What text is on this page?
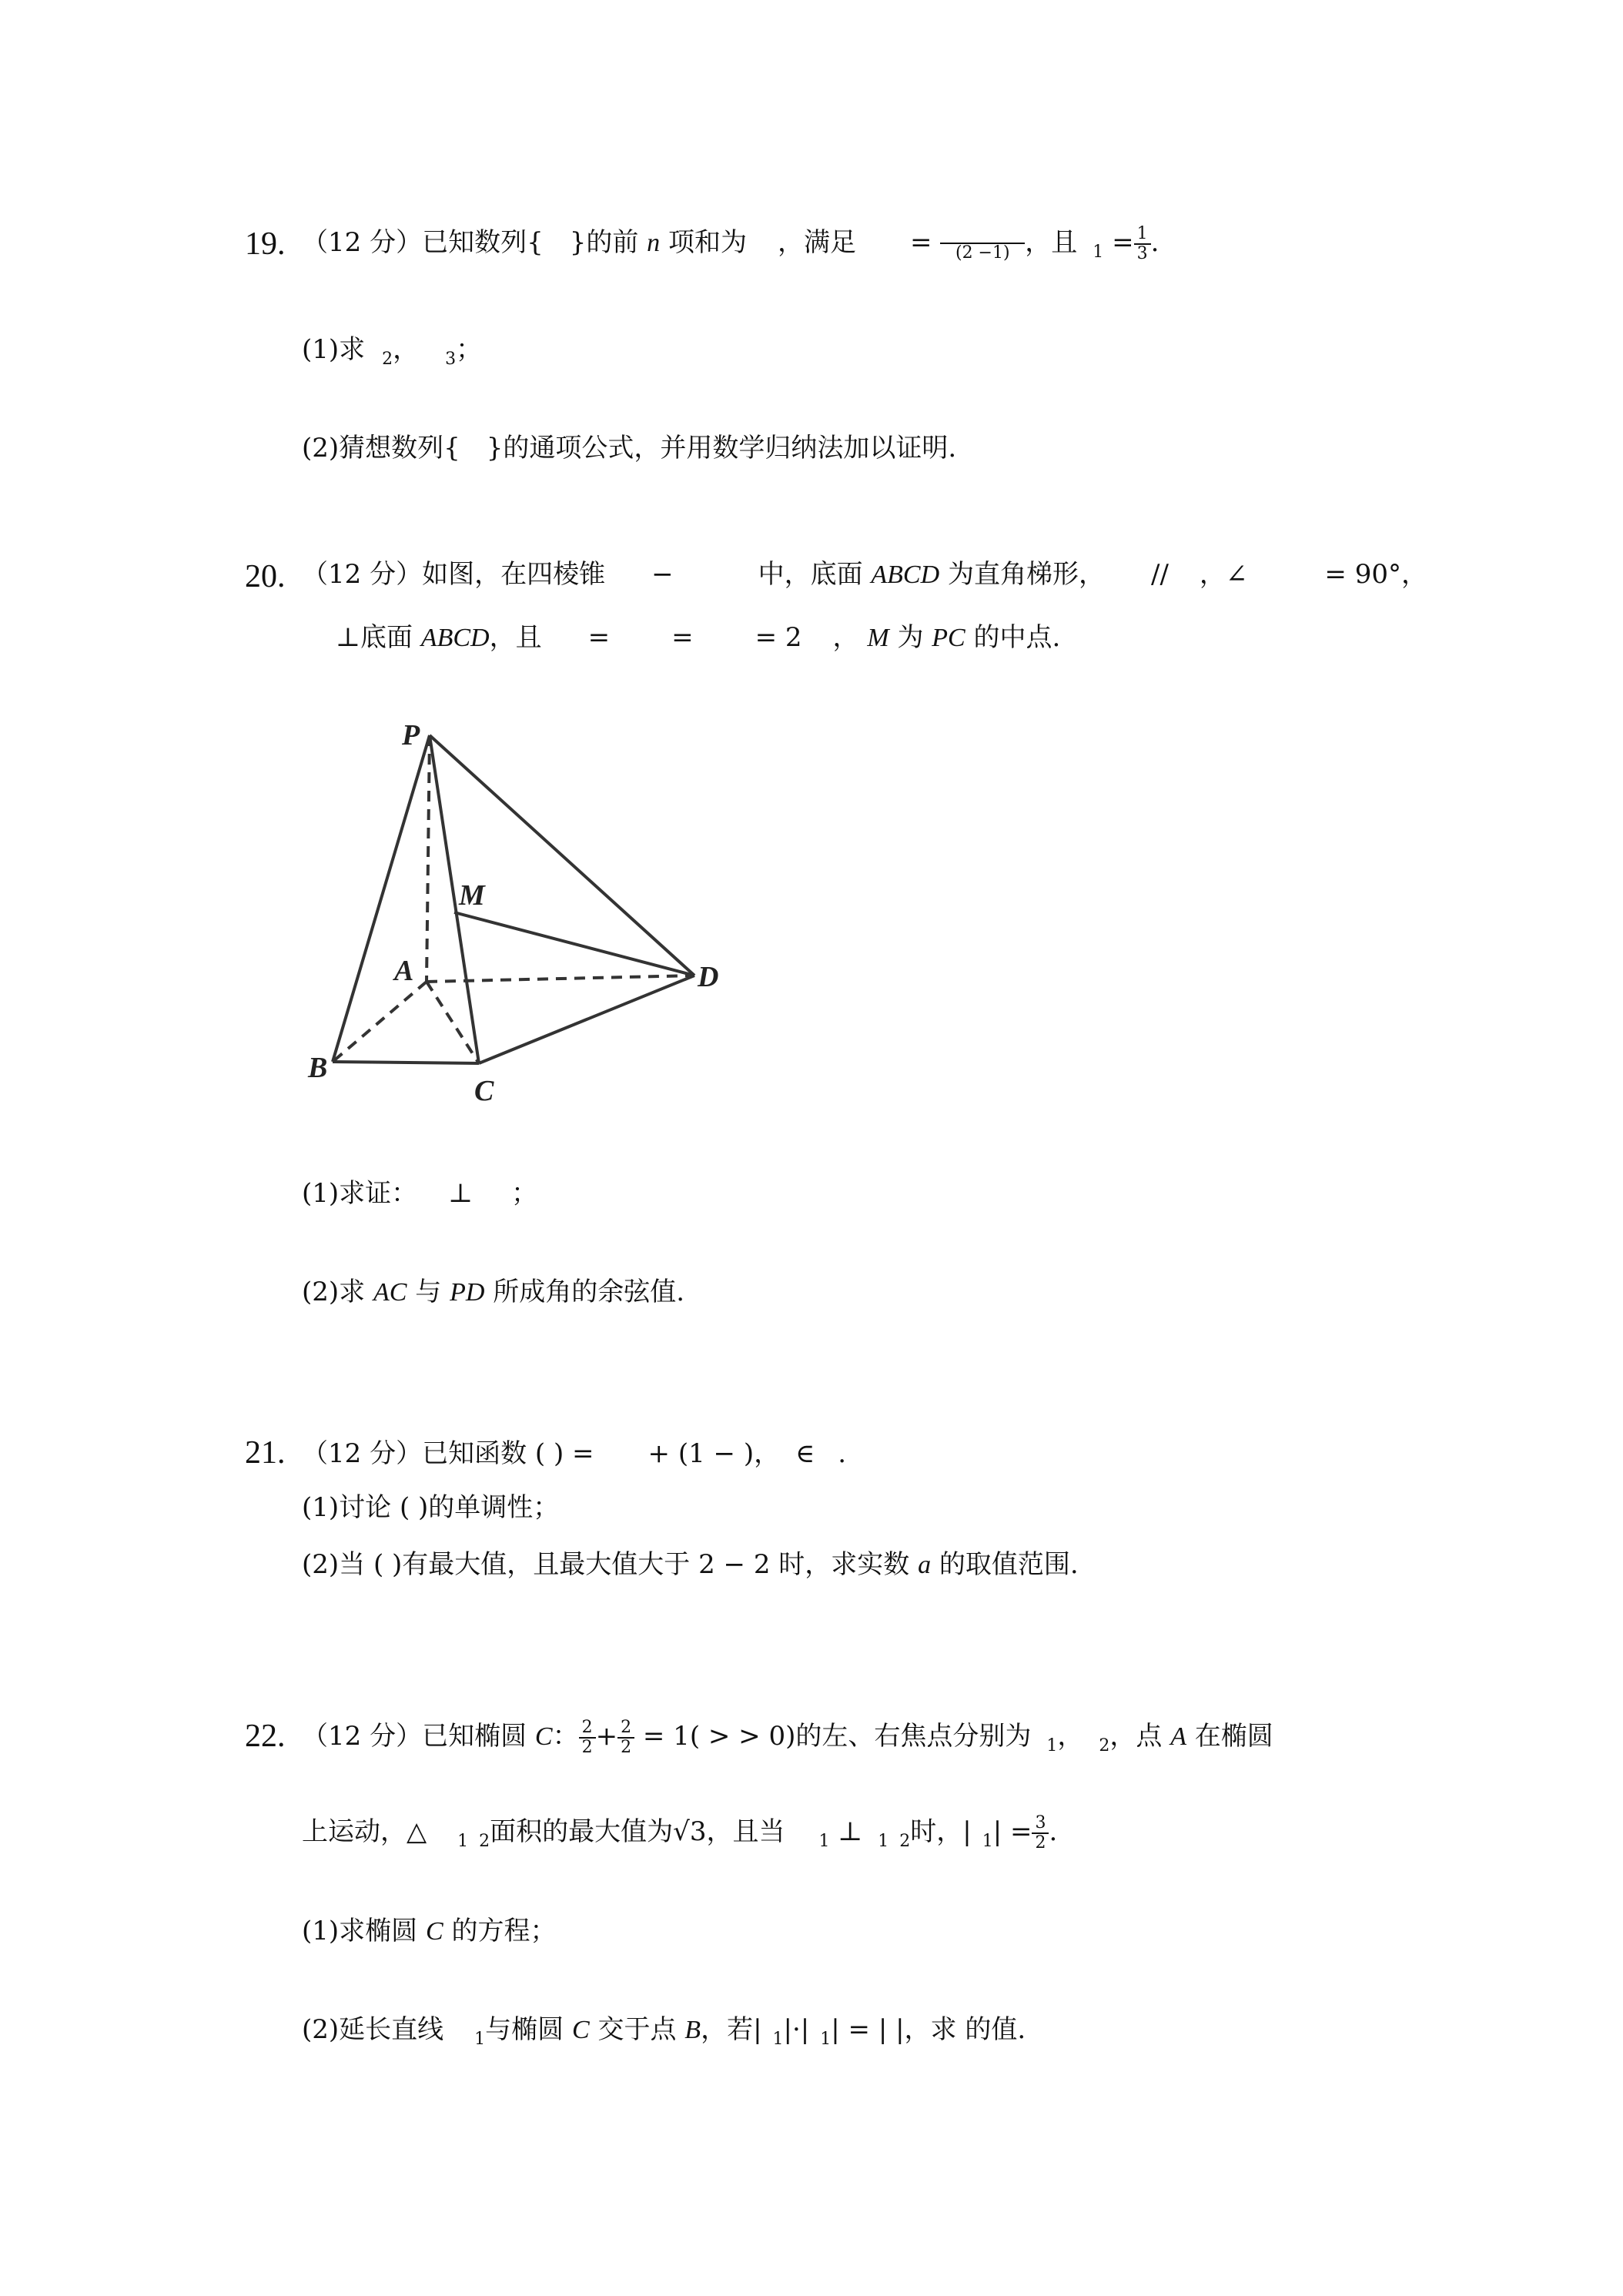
19. （12 分）已知数列{ }的前 n 项和为 ，满足 =	(2 −1) ，且 $_1 = \frac{1}{3}$ .
(1)求 $_2$， $_3$；
(2)猜想数列{ }的通项公式，并用数学归纳法加以证明.
20. （12 分）如图，在四棱锥 −	中，底面 ABCD 为直角梯形， // ，∠	= 90°，
⊥底面 ABCD，且 = = = 2 ， M 为 PC 的中点.
P
M
A	D
B
C
(1)求证： ⊥ ；
(2)求 AC 与 PD 所成角的余弦值.
21. （12 分）已知函数 ( ) = + (1 − )， ∈ .
(1)讨论 ( )的单调性；
(2)当 ( )有最大值，且最大值大于 2 − 2 时，求实数 a 的取值范围.
22. （12 分）已知椭圆 C： $\frac{2}{2} + \frac{2}{2} = 1$( > > 0)的左、右焦点分别为 $_1$， $_2$，点 A 在椭圆
上运动，△ $_1$ $_2$面积的最大值为√3，且当 $_1$ ⊥ $_1$ $_2$时，| $_1| = \frac{3}{2}$ .
(1)求椭圆 C 的方程；
(2)延长直线 $_1$与椭圆 C 交于点 B，若| $_1$|·| $_1$| = | |，求 的值.
